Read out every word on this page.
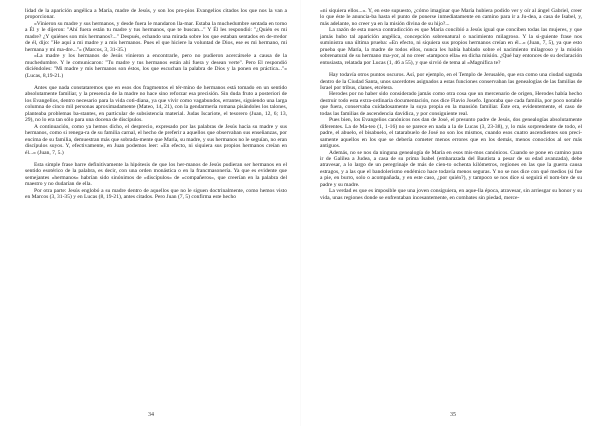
lidad de la aparición angélica a María, madre de Jesús, y son los pro-pios Evangelios citados los que nos la van a proporcionar.

«Vinieron su madre y sus hermanos, y desde fuera le mandaron lla-mar. Estaba la muchedumbre sentada en torno a Él y le dijeron: "Ahí fuera están tu madre y tus hermanos, que te buscan..." Y Él les respondió: "¿Quién es mi madre? ¿Y quiénes son mis hermanos?..." Después, echando una mirada sobre los que estaban sentados en de-rredor de él, dijo: "He aquí a mi madre y a mis hermanos. Pues el que hiciere la voluntad de Dios, ese es mi hermano, mi hermana y mi ma-dre..."» (Marcos, 3, 31-35.)

«La madre y los hermanos de Jesús vinieron a encontrarle, pero no pudieron acercársele a causa de la muchedumbre. Y le comunicaron: "Tu madre y tus hermanos están ahí fuera y desean verte". Pero El respondió diciéndoles: "Mi madre y mis hermanos son éstos, los que escuchan la palabra de Dios y la ponen en práctica..."» (Lucas, 8,19-21.)

Antes que nada constataremos que en esos dos fragmentos el tér-mino de hermanos está tomado en un sentido absolutamente familiar, y la presencia de la madre no hace sino reforzar esa precisión. Sin duda fruto a posteriori de los Evangelios, dentro necesario para la vida coti-diana, ya que vivir como vagabundos, errantes, siguiendo una larga columna de cinco mil personas aproximadamente (Mateo, 14, 21), con la gendarmería romana pisándoles los talones, planteaba problemas ba-stantes, en particular de subsistencia material. Judas Iscariote, el tesorero (Juan, 12, 6; 13, 29), no lo era tan sólo para una docena de discípulos.

A continuación, como ya hemos dicho, el desprecio, expresado por las palabras de Jesús hacia su madre y sus hermanos, como si renega-ra de su familia carnal, el hecho de preferir a aquellos que observaban sus enseñanzas, por encima de su familia, demuestran más que sobrada-mente que María, su madre, y sus hermanos no le seguían, no eran discípulos suyos. Y, efectivamente, en Juan podemos leer: «En efecto, ni siquiera sus propios hermanos creían en él...» (Juan, 7, 5.)

Esta simple frase barre definitivamente la hipótesis de que los her-manos de Jesús pudieran ser hermanos en el sentido esotérico de la palabra, es decir, con una orden monástica o en la francmasonería. Ya que es evidente que semejantes «hermanos» habrían sido sinónimos de «discípulos» de «compañeros», que creerían en la palabra del maestro y no dudarían de ella.

Por otra parte: Jesús englobó a su madre dentro de aquellos que no le siguen doctrinalmente, como hemos visto en Marcos (3, 31-35) y en Lucas (8, 19-21), antes citados. Pero Juan (7, 5) confirma este hecho

«ni siquiera ellos...». Y, en este supuesto, ¿cómo imaginar que María hubiera podido ver y oír al ángel Gabriel, creer lo que éste le anuncia-ba hasta el punto de ponerse inmediatamente en camino para ir a Ju-dea, a casa de Isabel, y, más adelante, no creer ya en la misión divina de su hijo?...

La razón de esta nueva contradicción es que María concibió a Jesús igual que conciben todas las mujeres, y que jamás hubo tal aparición angélica, concepción sobrenatural o nacimiento milagroso. Y la si-guiente frase nos suministra una última prueba: «En efecto, ni siquiera sus propios hermanos creían en él...» (Juan, 7, 5), ya que esto prueba que María, la madre de todos ellos, nunca les había hablado sobre el nacimiento milagroso y la misión sobrenatural de su hermano ma-yor, al no creer «tampoco ella» en dicha misión. ¿Qué hay entonces de su declaración entusiasta, relatada por Lucas (1, 46 a 55), y que sirvió de tema al «Magnífica te?

Hay todavía otros puntos oscuros. Así, por ejemplo, en el Templo de Jerusalén, que era como una ciudad sagrada dentro de la Ciudad Santa, unos sacerdotes asignados a estas funciones conservaban las genealogías de las familias de Israel por tribus, clanes, etcétera.

Herodes por no haber sido considerado jamás como otra cosa que un mercenario de origen, Herodes había hecho destruir todo esta extra-ordinaria documentación, nos dice Flavio Josefo. Ignoraba que cada familia, por poco notable que fuera, conservaba cuidadosamente la suya propia en la mansión familiar. Éste era, evidentemente, el caso de todas las familias de ascendencia davídica, y por consiguiente real.

Pues bien, los Evangelios canónicos nos dan de José, el presunto padre de Jesús, dos genealogías absolutamente diferentes. La de Ma-teo (1, 1-16) no se parece en nada a la de Lucas (3, 23-38), y, lo más sorprendente de todo, el padre, el abuelo, el bisabuelo, el tatarabuelo de José no son los mismos, cuando esos cuatro ascendientes son preci-samente aquellos en los que se debería cometer menos errores que en los demás, menos conocidos al ser más antiguos.

Además, no se nos da ninguna genealogía de María en esos mis-mos canónicos. Cuando se pone en camino para ir de Galilea a Judea, a casa de su prima Isabel (embarazada del Bautista a pesar de su edad avanzada), debe atravesar, a lo largo de un peregrinaje de más de cien-to ochenta kilómetros, regiones en las que la guerra causa estragos, y a las que el bandolerismo endémico hace todavía menos seguras. Y no se nos dice con qué medios (si fue a pie, en burro, solo o acompañada, y en este caso, ¿por quién?), y tampoco se nos dice si seguirá el nom-bre de su padre y su madre.

La verdad es que es imposible que una joven consiguiera, en aque-lla época, atravesar, sin arriesgar su honor y su vida, unas regiones donde se enfrentaban incesantemente, en combates sin piedad, merce-

34	35
